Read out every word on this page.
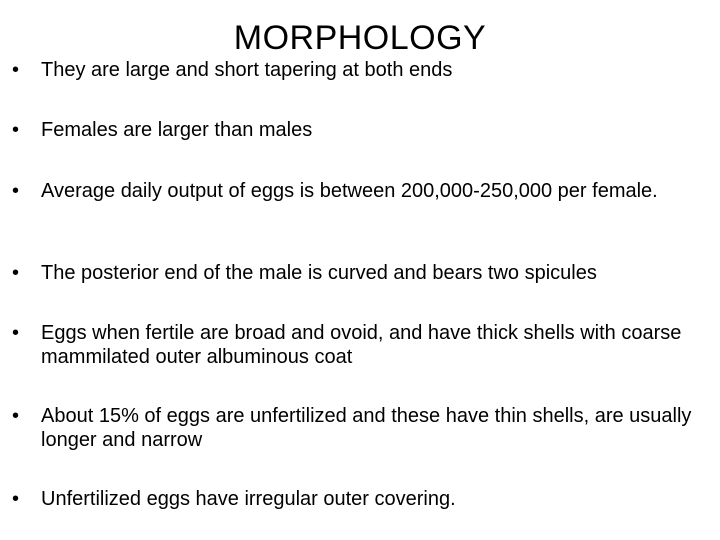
•	They are large and short tapering at both ends
•	Females are larger than males
•	Average daily output of eggs is between 200,000-250,000 per female.
•	The posterior end of the male is curved and bears two spicules
•	Eggs when fertile are broad and ovoid, and have thick shells with coarse mammilated outer albuminous coat
•	About 15% of eggs are unfertilized and these have thin shells, are usually longer and narrow
•	Unfertilized eggs have irregular outer covering.
MORPHOLOGY
